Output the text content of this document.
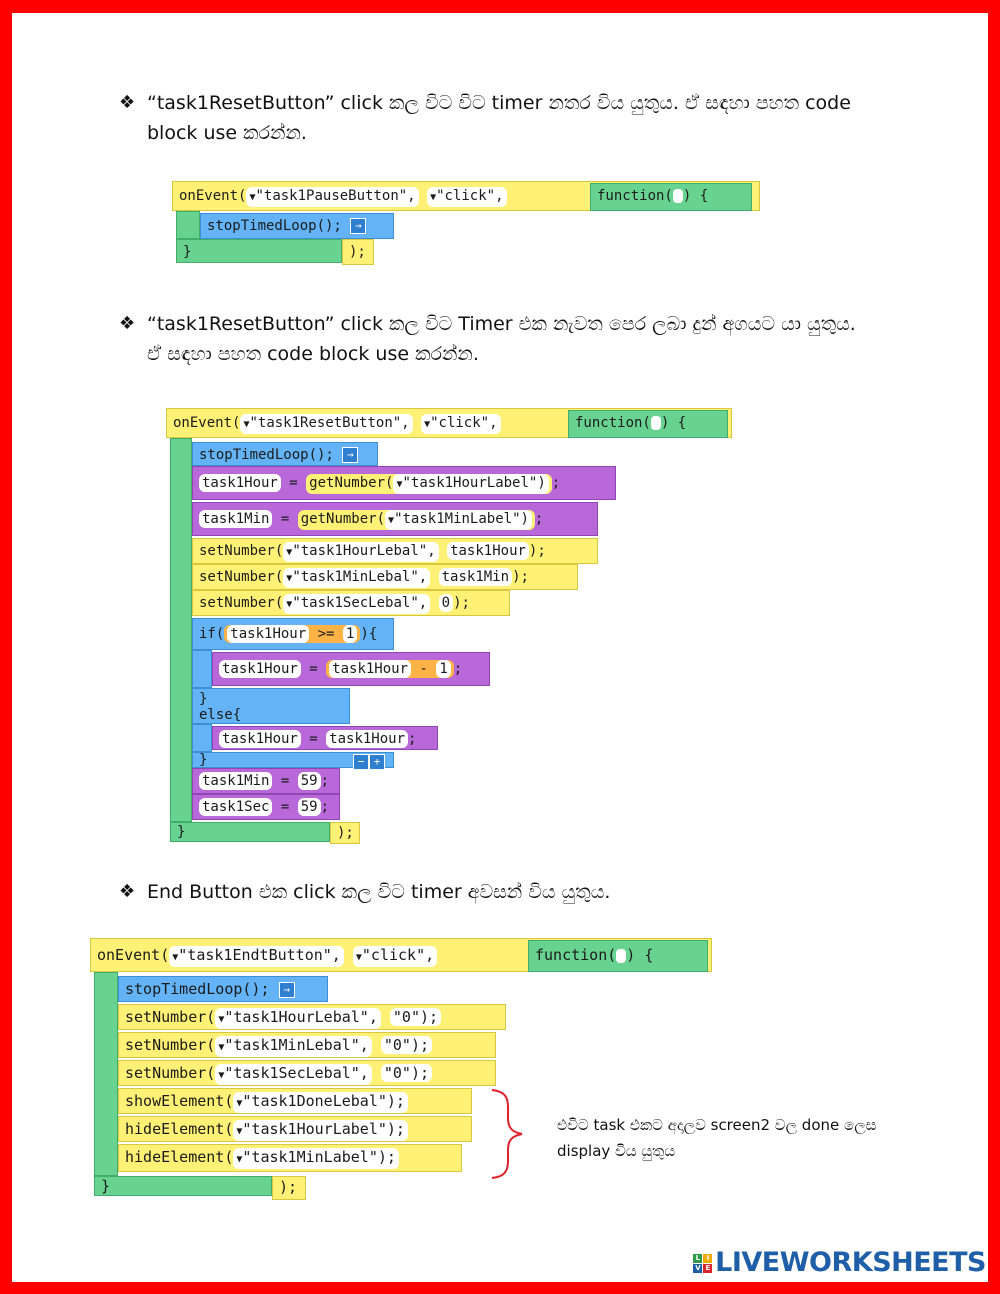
❖ “task1ResetButton” click කල විට විට timer නතර විය යුතුය. ඒ සඳහා පහත code
block use කරන්න.
onEvent( ▼"task1PauseButton", ▼"click",	function( ) {
stopTimedLoop(); →
}	);
❖ “task1ResetButton” click කල විට Timer එක නැවත පෙර ලබා දුන් අගයට යා යුතුය.
ඒ සඳහා පහත code block use කරන්න.
onEvent( ▼"task1ResetButton", ▼"click",	function( ) {
stopTimedLoop(); →
task1Hour = getNumber( ▼"task1HourLabel") ;
task1Min = getNumber( ▼"task1MinLabel") ;
setNumber( ▼"task1HourLebal", task1Hour );
setNumber( ▼"task1MinLebal", task1Min );
setNumber( ▼"task1SecLebal", 0 );
if( task1Hour >= 1 ){
task1Hour = task1Hour - 1 ;
}
else{
task1Hour = task1Hour ;
}	− +
task1Min = 59 ;
task1Sec = 59 ;
}	);
❖ End Button එක click කල විට timer අවසන් විය යුතුය.
onEvent( ▼"task1EndtButton", ▼"click",	function( ) {
stopTimedLoop(); →
setNumber( ▼"task1HourLebal", "0");
setNumber( ▼"task1MinLebal", "0");
setNumber( ▼"task1SecLebal", "0");
showElement( ▼"task1DoneLebal");
hideElement( ▼"task1HourLabel");
hideElement( ▼"task1MinLabel");
}	);
එවිට task එකට අදාලව screen2 වල done ලෙස
display විය යුතුය
L I
V E LIVEWORKSHEETS
